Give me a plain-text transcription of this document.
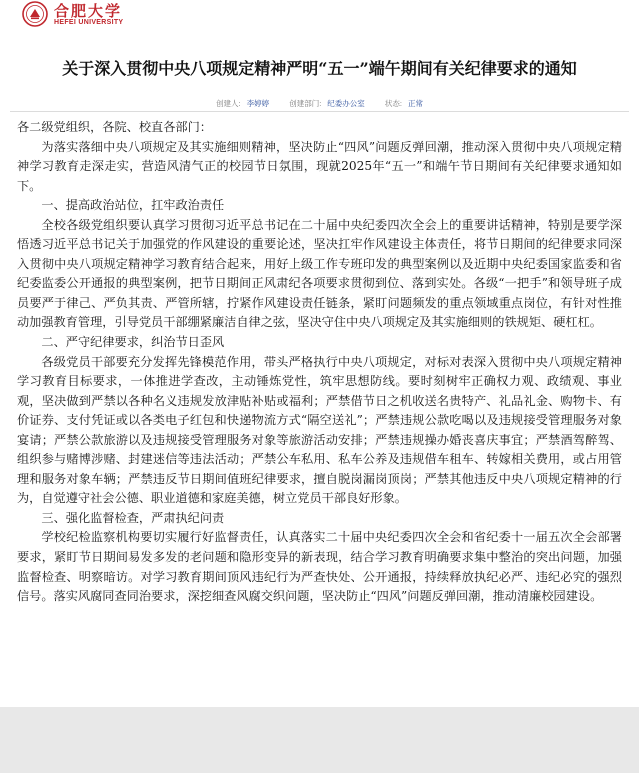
合肥大学
HEFEI UNIVERSITY
关于深入贯彻中央八项规定精神严明“五一”端午期间有关纪律要求的通知
创建人: 李婷婷	创建部门: 纪委办公室	状态: 正常

各二级党组织，各院、校直各部门：

为落实落细中央八项规定及其实施细则精神，坚决防止“四风”问题反弹回潮，推动深入贯彻中央八项规定精神学习教育走深走实，营造风清气正的校园节日氛围，现就2025年“五一”和端午节日期间有关纪律要求通知如下。

一、提高政治站位，扛牢政治责任

全校各级党组织要认真学习贯彻习近平总书记在二十届中央纪委四次全会上的重要讲话精神，特别是要学深悟透习近平总书记关于加强党的作风建设的重要论述，坚决扛牢作风建设主体责任，将节日期间的纪律要求同深入贯彻中央八项规定精神学习教育结合起来，用好上级工作专班印发的典型案例以及近期中央纪委国家监委和省纪委监委公开通报的典型案例，把节日期间正风肃纪各项要求贯彻到位、落到实处。各级“一把手”和领导班子成员要严于律己、严负其责、严管所辖，拧紧作风建设责任链条，紧盯问题频发的重点领域重点岗位，有针对性推动加强教育管理，引导党员干部绷紧廉洁自律之弦，坚决守住中央八项规定及其实施细则的铁规矩、硬杠杠。

二、严守纪律要求，纠治节日歪风

各级党员干部要充分发挥先锋模范作用，带头严格执行中央八项规定，对标对表深入贯彻中央八项规定精神学习教育目标要求，一体推进学查改，主动锤炼党性，筑牢思想防线。要时刻树牢正确权力观、政绩观、事业观，坚决做到严禁以各种名义违规发放津贴补贴或福利；严禁借节日之机收送名贵特产、礼品礼金、购物卡、有价证券、支付凭证或以各类电子红包和快递物流方式“隔空送礼”；严禁违规公款吃喝以及违规接受管理服务对象宴请；严禁公款旅游以及违规接受管理服务对象等旅游活动安排；严禁违规操办婚丧喜庆事宜；严禁酒驾醉驾、组织参与赌博涉赌、封建迷信等违法活动；严禁公车私用、私车公养及违规借车租车、转嫁相关费用，或占用管理和服务对象车辆；严禁违反节日期间值班纪律要求，擅自脱岗漏岗顶岗；严禁其他违反中央八项规定精神的行为，自觉遵守社会公德、职业道德和家庭美德，树立党员干部良好形象。

三、强化监督检查，严肃执纪问责

学校纪检监察机构要切实履行好监督责任，认真落实二十届中央纪委四次全会和省纪委十一届五次全会部署要求，紧盯节日期间易发多发的老问题和隐形变异的新表现，结合学习教育明确要求集中整治的突出问题，加强监督检查、明察暗访。对学习教育期间顶风违纪行为严查快处、公开通报，持续释放执纪必严、违纪必究的强烈信号。落实风腐同查同治要求，深挖细查风腐交织问题，坚决防止“四风”问题反弹回潮，推动清廉校园建设。
